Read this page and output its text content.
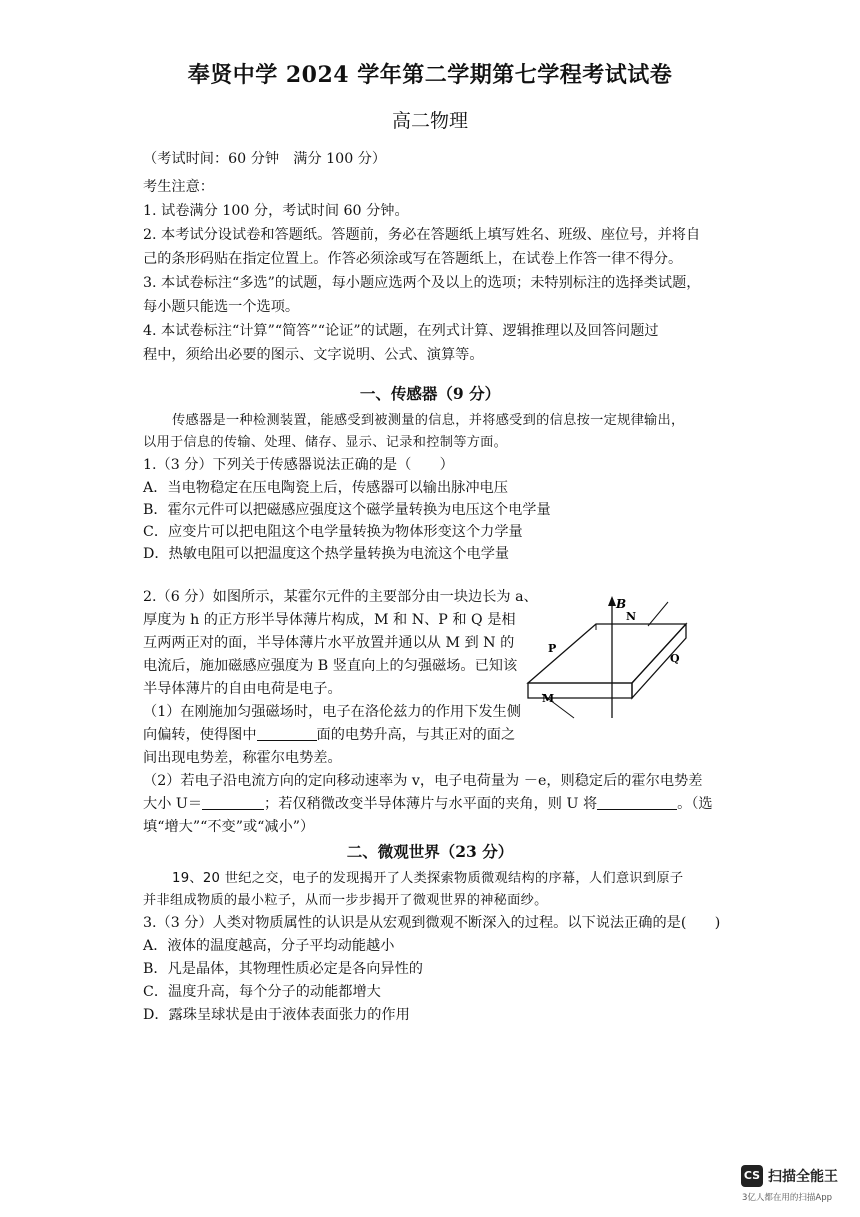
奉贤中学 2024 学年第二学期第七学程考试试卷
高二物理
（考试时间：60 分钟　满分 100 分）
考生注意：
1. 试卷满分 100 分，考试时间 60 分钟。
2. 本考试分设试卷和答题纸。答题前，务必在答题纸上填写姓名、班级、座位号，并将自
己的条形码贴在指定位置上。作答必须涂或写在答题纸上，在试卷上作答一律不得分。
3. 本试卷标注“多选”的试题，每小题应选两个及以上的选项；未特别标注的选择类试题，
每小题只能选一个选项。
4. 本试卷标注“计算”“简答”“论证”的试题，在列式计算、逻辑推理以及回答问题过
程中，须给出必要的图示、文字说明、公式、演算等。
一、传感器（9 分）
传感器是一种检测装置，能感受到被测量的信息，并将感受到的信息按一定规律输出，
以用于信息的传输、处理、储存、显示、记录和控制等方面。
1.（3 分）下列关于传感器说法正确的是（　　）
A．当电物稳定在压电陶瓷上后，传感器可以输出脉冲电压
B．霍尔元件可以把磁感应强度这个磁学量转换为电压这个电学量
C．应变片可以把电阻这个电学量转换为物体形变这个力学量
D．热敏电阻可以把温度这个热学量转换为电流这个电学量
2.（6 分）如图所示，某霍尔元件的主要部分由一块边长为 a、
厚度为 h 的正方形半导体薄片构成，M 和 N、P 和 Q 是相
互两两正对的面，半导体薄片水平放置并通以从 M 到 N 的
电流后，施加磁感应强度为 B 竖直向上的匀强磁场。已知该
半导体薄片的自由电荷是电子。
（1）在刚施加匀强磁场时，电子在洛伦兹力的作用下发生侧
向偏转，使得图中	面的电势升高，与其正对的面之
间出现电势差，称霍尔电势差。
（2）若电子沿电流方向的定向移动速率为 v，电子电荷量为 －e，则稳定后的霍尔电势差
大小 U＝	；若仅稍微改变半导体薄片与水平面的夹角，则 U 将	。（选
填“增大”“不变”或“减小”）
B
N
P
Q
M
二、微观世界（23 分）
19、20 世纪之交，电子的发现揭开了人类探索物质微观结构的序幕，人们意识到原子
并非组成物质的最小粒子，从而一步步揭开了微观世界的神秘面纱。
3.（3 分）人类对物质属性的认识是从宏观到微观不断深入的过程。以下说法正确的是(　　)
A．液体的温度越高，分子平均动能越小
B．凡是晶体，其物理性质必定是各向异性的
C．温度升高，每个分子的动能都增大
D．露珠呈球状是由于液体表面张力的作用
CS 扫描全能王
3亿人都在用的扫描App
